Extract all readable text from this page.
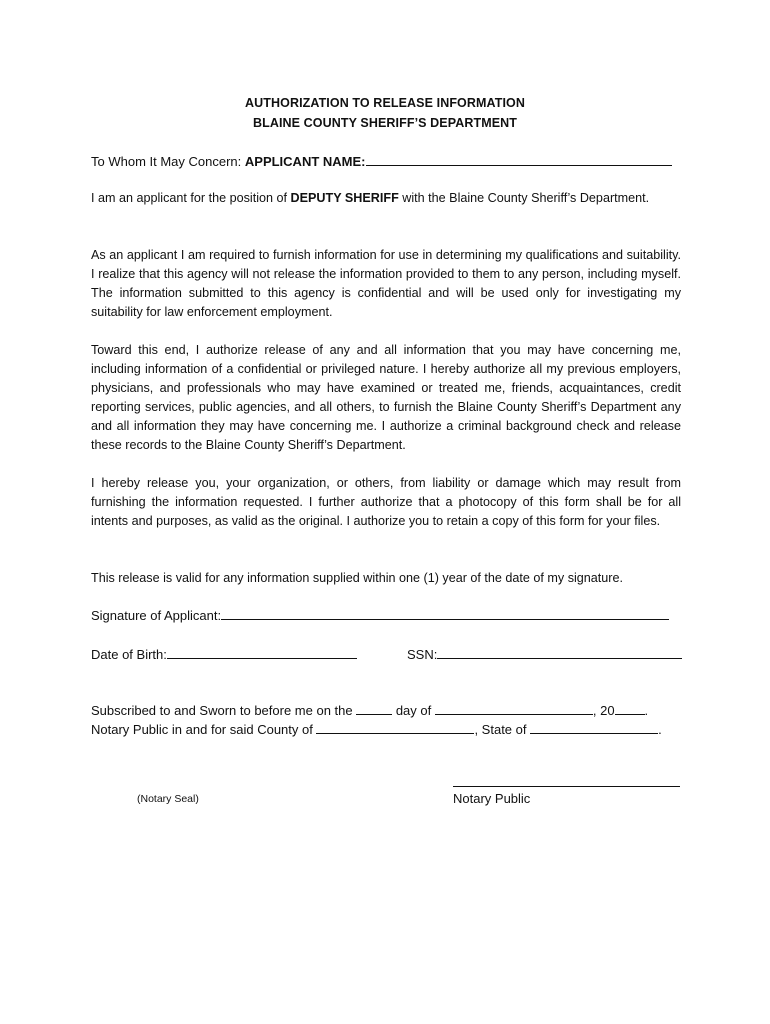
AUTHORIZATION TO RELEASE INFORMATION
BLAINE COUNTY SHERIFF’S DEPARTMENT
To Whom It May Concern: APPLICANT NAME:
I am an applicant for the position of DEPUTY SHERIFF with the Blaine County Sheriff’s Department.
As an applicant I am required to furnish information for use in determining my qualifications and suitability. I realize that this agency will not release the information provided to them to any person, including myself. The information submitted to this agency is confidential and will be used only for investigating my suitability for law enforcement employment.
Toward this end, I authorize release of any and all information that you may have concerning me, including information of a confidential or privileged nature. I hereby authorize all my previous employers, physicians, and professionals who may have examined or treated me, friends, acquaintances, credit reporting services, public agencies, and all others, to furnish the Blaine County Sheriff’s Department any and all information they may have concerning me. I authorize a criminal background check and release these records to the Blaine County Sheriff’s Department.
I hereby release you, your organization, or others, from liability or damage which may result from furnishing the information requested. I further authorize that a photocopy of this form shall be for all intents and purposes, as valid as the original. I authorize you to retain a copy of this form for your files.
This release is valid for any information supplied within one (1) year of the date of my signature.
Signature of Applicant:
Date of Birth:	SSN:
Subscribed to and Sworn to before me on the	day of	, 20 .
Notary Public in and for said County of	, State of	.
(Notary Seal)	Notary Public
